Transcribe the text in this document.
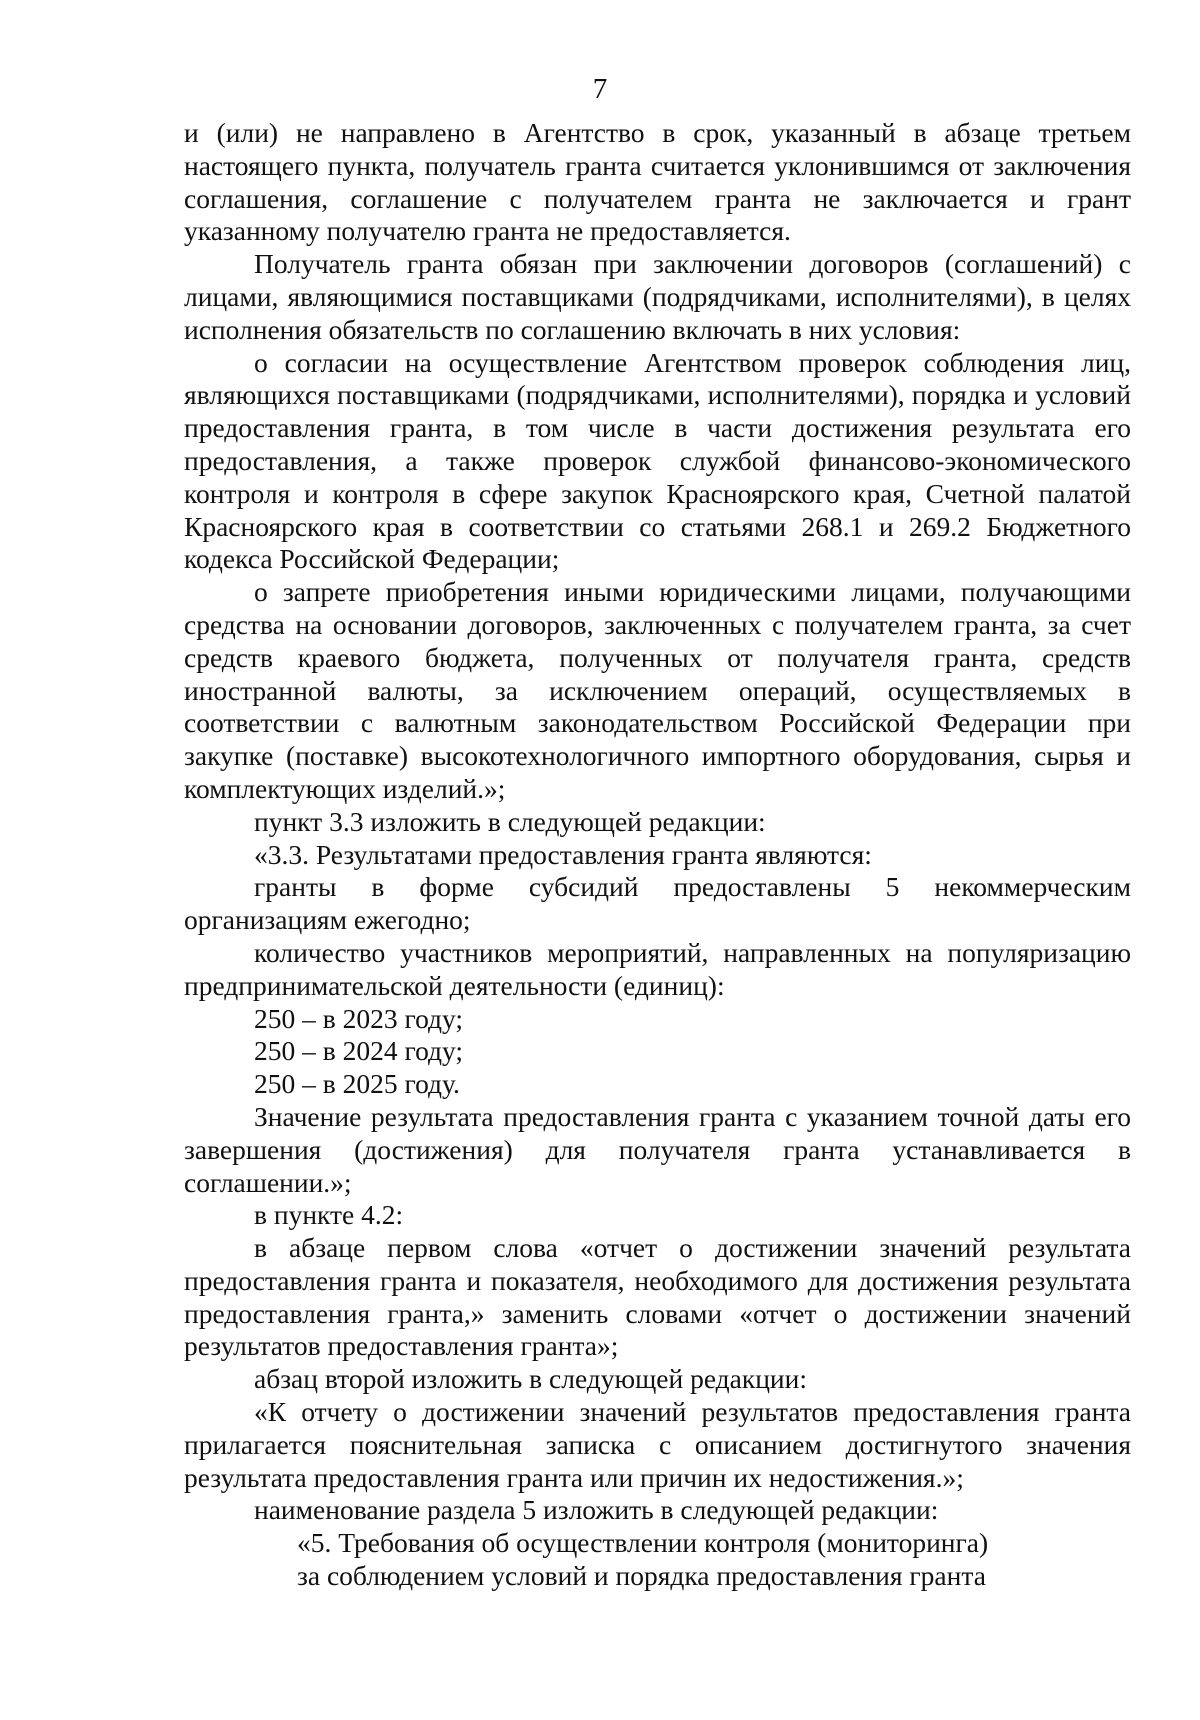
7

и (или) не направлено в Агентство в срок, указанный в абзаце третьем настоящего пункта, получатель гранта считается уклонившимся от заключения соглашения, соглашение с получателем гранта не заключается и грант указанному получателю гранта не предоставляется.

Получатель гранта обязан при заключении договоров (соглашений) с лицами, являющимися поставщиками (подрядчиками, исполнителями), в целях исполнения обязательств по соглашению включать в них условия:

о согласии на осуществление Агентством проверок соблюдения лиц, являющихся поставщиками (подрядчиками, исполнителями), порядка и условий предоставления гранта, в том числе в части достижения результата его предоставления, а также проверок службой финансово-экономического контроля и контроля в сфере закупок Красноярского края, Счетной палатой Красноярского края в соответствии со статьями 268.1 и 269.2 Бюджетного кодекса Российской Федерации;

о запрете приобретения иными юридическими лицами, получающими средства на основании договоров, заключенных с получателем гранта, за счет средств краевого бюджета, полученных от получателя гранта, средств иностранной валюты, за исключением операций, осуществляемых в соответствии с валютным законодательством Российской Федерации при закупке (поставке) высокотехнологичного импортного оборудования, сырья и комплектующих изделий.»;

пункт 3.3 изложить в следующей редакции:

«3.3. Результатами предоставления гранта являются:

гранты в форме субсидий предоставлены 5 некоммерческим организациям ежегодно;

количество участников мероприятий, направленных на популяризацию предпринимательской деятельности (единиц):

250 – в 2023 году;

250 – в 2024 году;

250 – в 2025 году.

Значение результата предоставления гранта с указанием точной даты его завершения (достижения) для получателя гранта устанавливается в соглашении.»;

в пункте 4.2:

в абзаце первом слова «отчет о достижении значений результата предоставления гранта и показателя, необходимого для достижения результата предоставления гранта,» заменить словами «отчет о достижении значений результатов предоставления гранта»;

абзац второй изложить в следующей редакции:

«К отчету о достижении значений результатов предоставления гранта прилагается пояснительная записка с описанием достигнутого значения результата предоставления гранта или причин их недостижения.»;

наименование раздела 5 изложить в следующей редакции:

«5. Требования об осуществлении контроля (мониторинга)

за соблюдением условий и порядка предоставления гранта
